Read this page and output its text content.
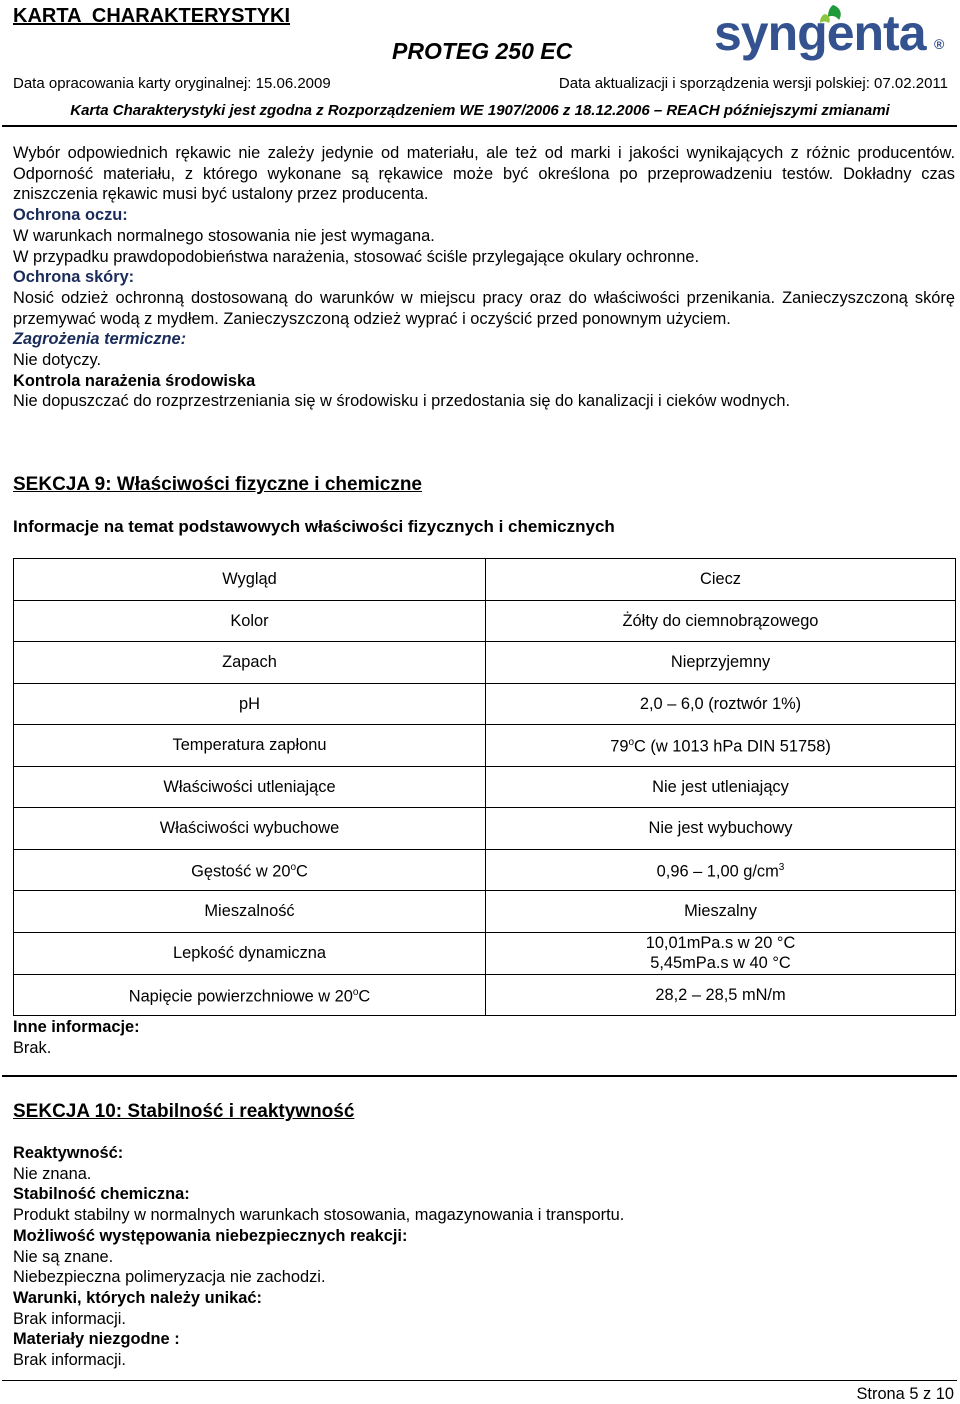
KARTA  CHARAKTERYSTYKI
PROTEG 250 EC	syngenta ®
Data opracowania karty oryginalnej: 15.06.2009	Data aktualizacji i sporządzenia wersji polskiej: 07.02.2011
Karta Charakterystyki jest zgodna z Rozporządzeniem WE 1907/2006 z 18.12.2006 – REACH późniejszymi zmianami

Wybór odpowiednich rękawic nie zależy jedynie od materiału, ale też od marki i jakości wynikających z różnic producentów. Odporność materiału, z którego wykonane są rękawice może być określona po przeprowadzeniu testów. Dokładny czas zniszczenia rękawic musi być ustalony przez producenta.

Ochrona oczu:

W warunkach normalnego stosowania nie jest wymagana.

W przypadku prawdopodobieństwa narażenia, stosować ściśle przylegające okulary ochronne.

Ochrona skóry:

Nosić odzież ochronną dostosowaną do warunków w miejscu pracy oraz do właściwości przenikania. Zanieczyszczoną skórę przemywać wodą z mydłem. Zanieczyszczoną odzież wyprać i oczyścić przed ponownym użyciem.

Zagrożenia termiczne:

Nie dotyczy.

Kontrola narażenia środowiska

Nie dopuszczać do rozprzestrzeniania się w środowisku i przedostania się do kanalizacji i cieków wodnych.

SEKCJA 9: Właściwości fizyczne i chemiczne
Informacje na temat podstawowych właściwości fizycznych i chemicznych
Wygląd	Ciecz
Kolor	Żółty do ciemnobrązowego
Zapach	Nieprzyjemny
pH	2,0 – 6,0 (roztwór 1%)
Temperatura zapłonu	79$^o$C (w 1013 hPa DIN 51758)
Właściwości utleniające	Nie jest utleniający
Właściwości wybuchowe	Nie jest wybuchowy
Gęstość w 20$^o$C	0,96 – 1,00 $g/cm^3$
Mieszalność	Mieszalny
Lepkość dynamiczna	10,01mPa.s w 20 °C
5,45mPa.s w 40 °C

Napięcie powierzchniowe w 20$^o$C	28,2 – 28,5 mN/m

Inne informacje:

Brak.

SEKCJA 10: Stabilność i reaktywność

Reaktywność:

Nie znana.

Stabilność chemiczna:

Produkt stabilny w normalnych warunkach stosowania, magazynowania i transportu.

Możliwość występowania niebezpiecznych reakcji:

Nie są znane.

Niebezpieczna polimeryzacja nie zachodzi.

Warunki, których należy unikać:

Brak informacji.

Materiały niezgodne :

Brak informacji.

Strona 5 z 10
